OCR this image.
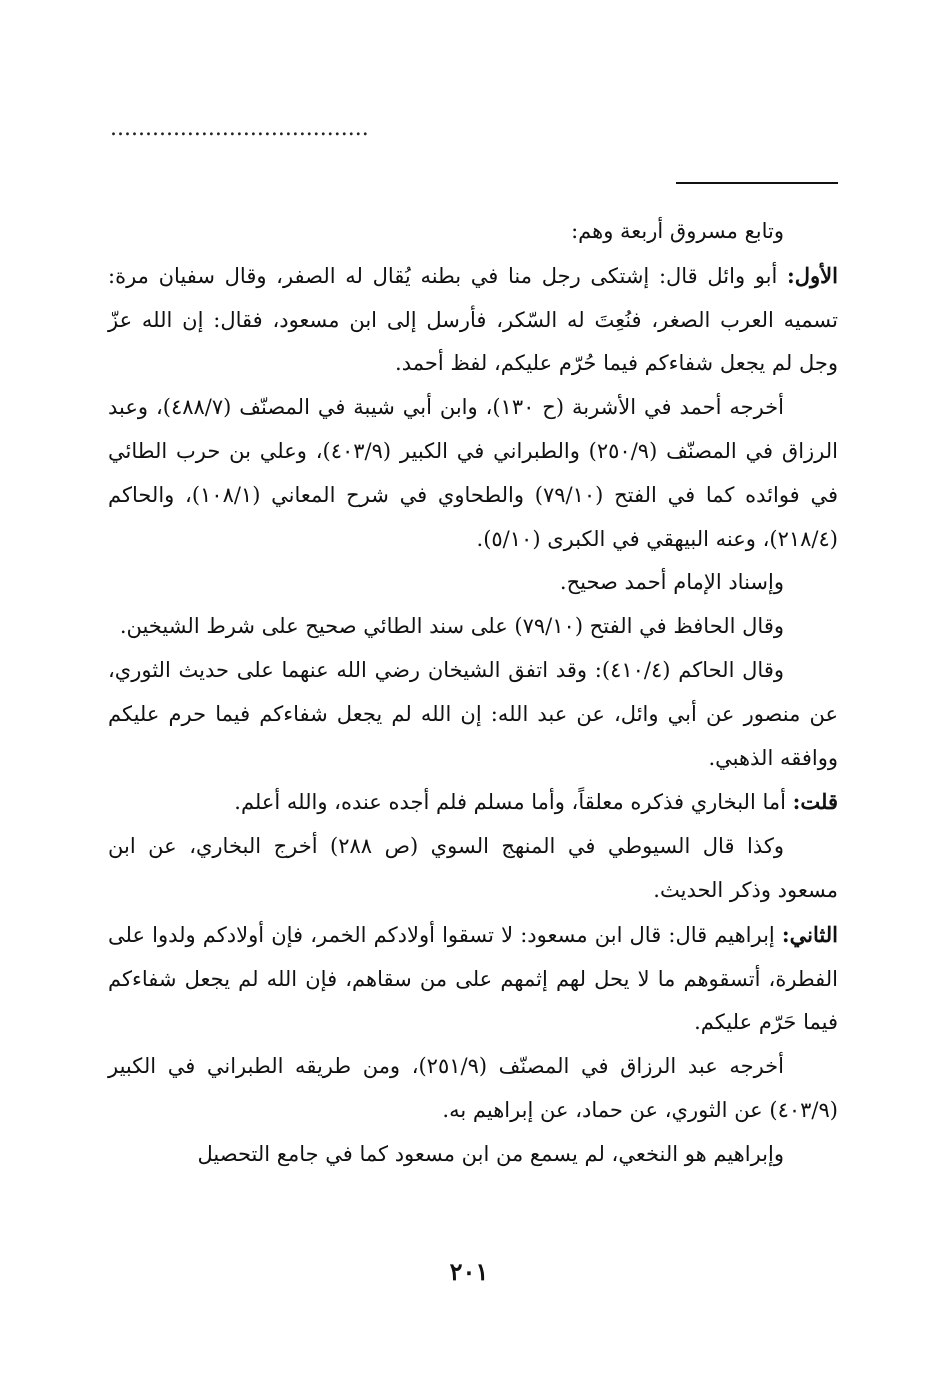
.....................................

وتابع مسروق أربعة وهم:

الأول: أبو وائل قال: إشتكى رجل منا في بطنه يُقال له الصفر، وقال سفيان مرة: تسميه العرب الصغر، فنُعِتَ له السّكر، فأرسل إلى ابن مسعود، فقال: إن الله عزّ وجل لم يجعل شفاءكم فيما حُرّم عليكم، لفظ أحمد.

أخرجه أحمد في الأشربة (ح ١٣٠)، وابن أبي شيبة في المصنّف (٤٨٨/٧)، وعبد الرزاق في المصنّف (٢٥٠/٩) والطبراني في الكبير (٤٠٣/٩)، وعلي بن حرب الطائي في فوائده كما في الفتح (٧٩/١٠) والطحاوي في شرح المعاني (١٠٨/١)، والحاكم (٢١٨/٤)، وعنه البيهقي في الكبرى (٥/١٠).

وإسناد الإمام أحمد صحيح.

وقال الحافظ في الفتح (٧٩/١٠) على سند الطائي صحيح على شرط الشيخين.

وقال الحاكم (٤١٠/٤): وقد اتفق الشيخان رضي الله عنهما على حديث الثوري، عن منصور عن أبي وائل، عن عبد الله: إن الله لم يجعل شفاءكم فيما حرم عليكم ووافقه الذهبي.

قلت: أما البخاري فذكره معلقاً، وأما مسلم فلم أجده عنده، والله أعلم.

وكذا قال السيوطي في المنهج السوي (ص ٢٨٨) أخرج البخاري، عن ابن مسعود وذكر الحديث.

الثاني: إبراهيم قال: قال ابن مسعود: لا تسقوا أولادكم الخمر، فإن أولادكم ولدوا على الفطرة، أتسقوهم ما لا يحل لهم إثمهم على من سقاهم، فإن الله لم يجعل شفاءكم فيما حَرّم عليكم.

أخرجه عبد الرزاق في المصنّف (٢٥١/٩)، ومن طريقه الطبراني في الكبير (٤٠٣/٩) عن الثوري، عن حماد، عن إبراهيم به.

وإبراهيم هو النخعي، لم يسمع من ابن مسعود كما في جامع التحصيل

٢٠١
